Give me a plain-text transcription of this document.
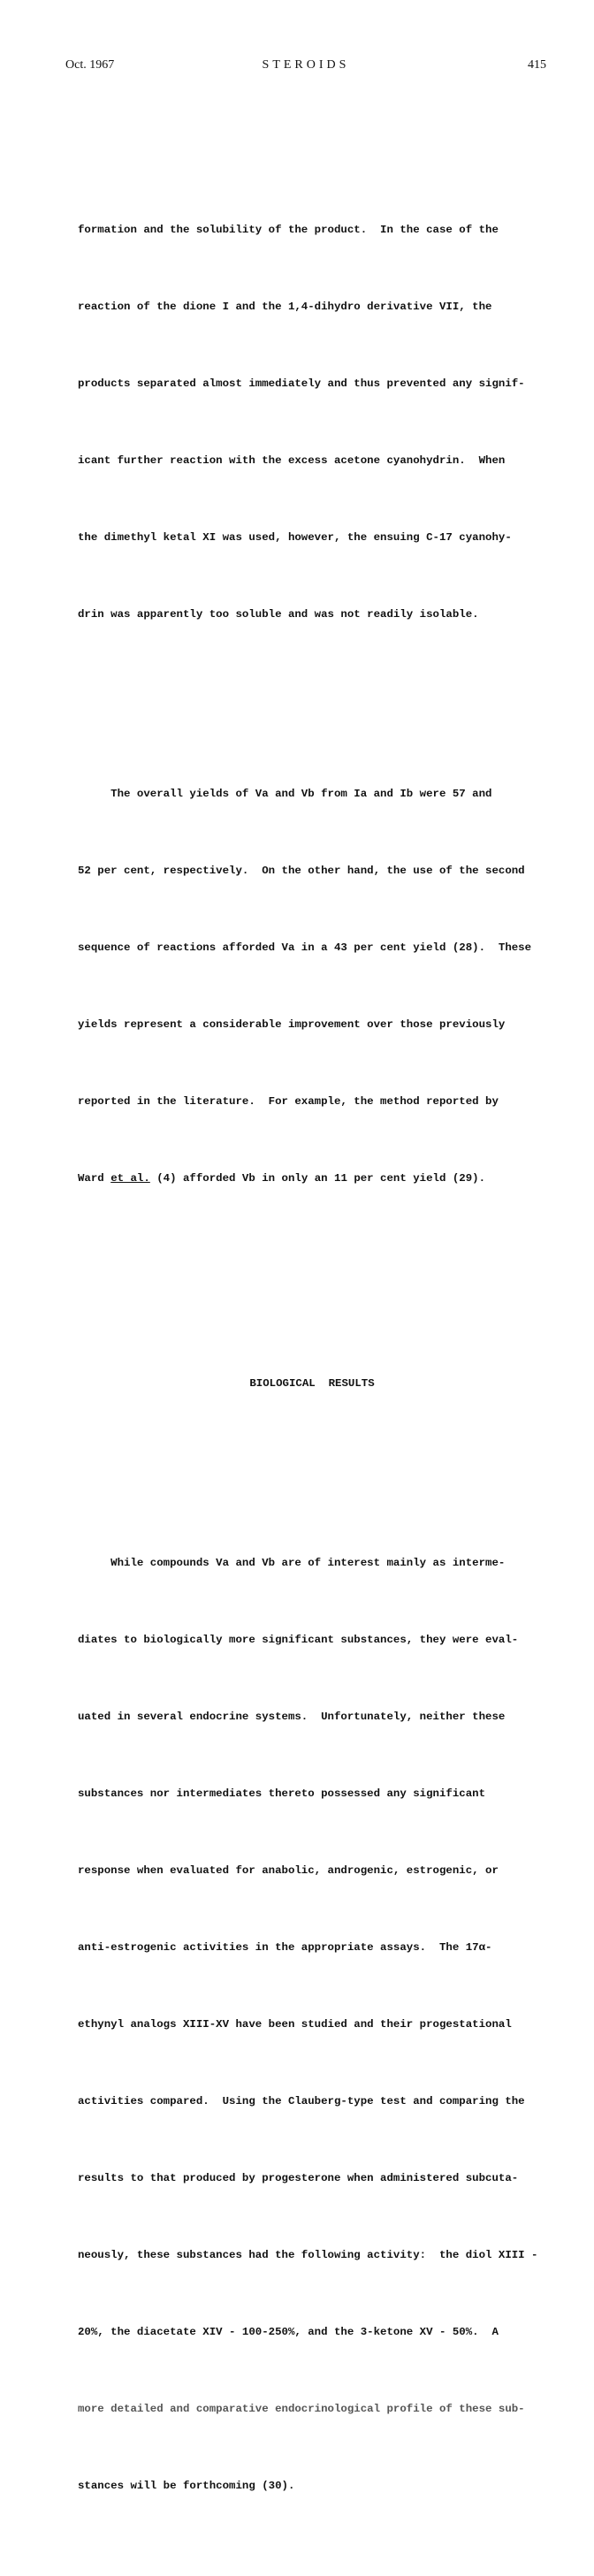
Oct. 1967	STEROIDS	415

formation and the solubility of the product.  In the case of the

reaction of the dione I and the 1,4-dihydro derivative VII, the

products separated almost immediately and thus prevented any signif-

icant further reaction with the excess acetone cyanohydrin.  When

the dimethyl ketal XI was used, however, the ensuing C-17 cyanohy-

drin was apparently too soluble and was not readily isolable.

The overall yields of Va and Vb from Ia and Ib were 57 and

52 per cent, respectively.  On the other hand, the use of the second

sequence of reactions afforded Va in a 43 per cent yield (28).  These

yields represent a considerable improvement over those previously

reported in the literature.  For example, the method reported by

Ward et al. (4) afforded Vb in only an 11 per cent yield (29).

BIOLOGICAL  RESULTS

While compounds Va and Vb are of interest mainly as interme-

diates to biologically more significant substances, they were eval-

uated in several endocrine systems.  Unfortunately, neither these

substances nor intermediates thereto possessed any significant

response when evaluated for anabolic, androgenic, estrogenic, or

anti-estrogenic activities in the appropriate assays.  The 17α-

ethynyl analogs XIII-XV have been studied and their progestational

activities compared.  Using the Clauberg-type test and comparing the

results to that produced by progesterone when administered subcuta-

neously, these substances had the following activity:  the diol XIII -

20%, the diacetate XIV - 100-250%, and the 3-ketone XV - 50%.  A

more detailed and comparative endocrinological profile of these sub-

stances will be forthcoming (30).
